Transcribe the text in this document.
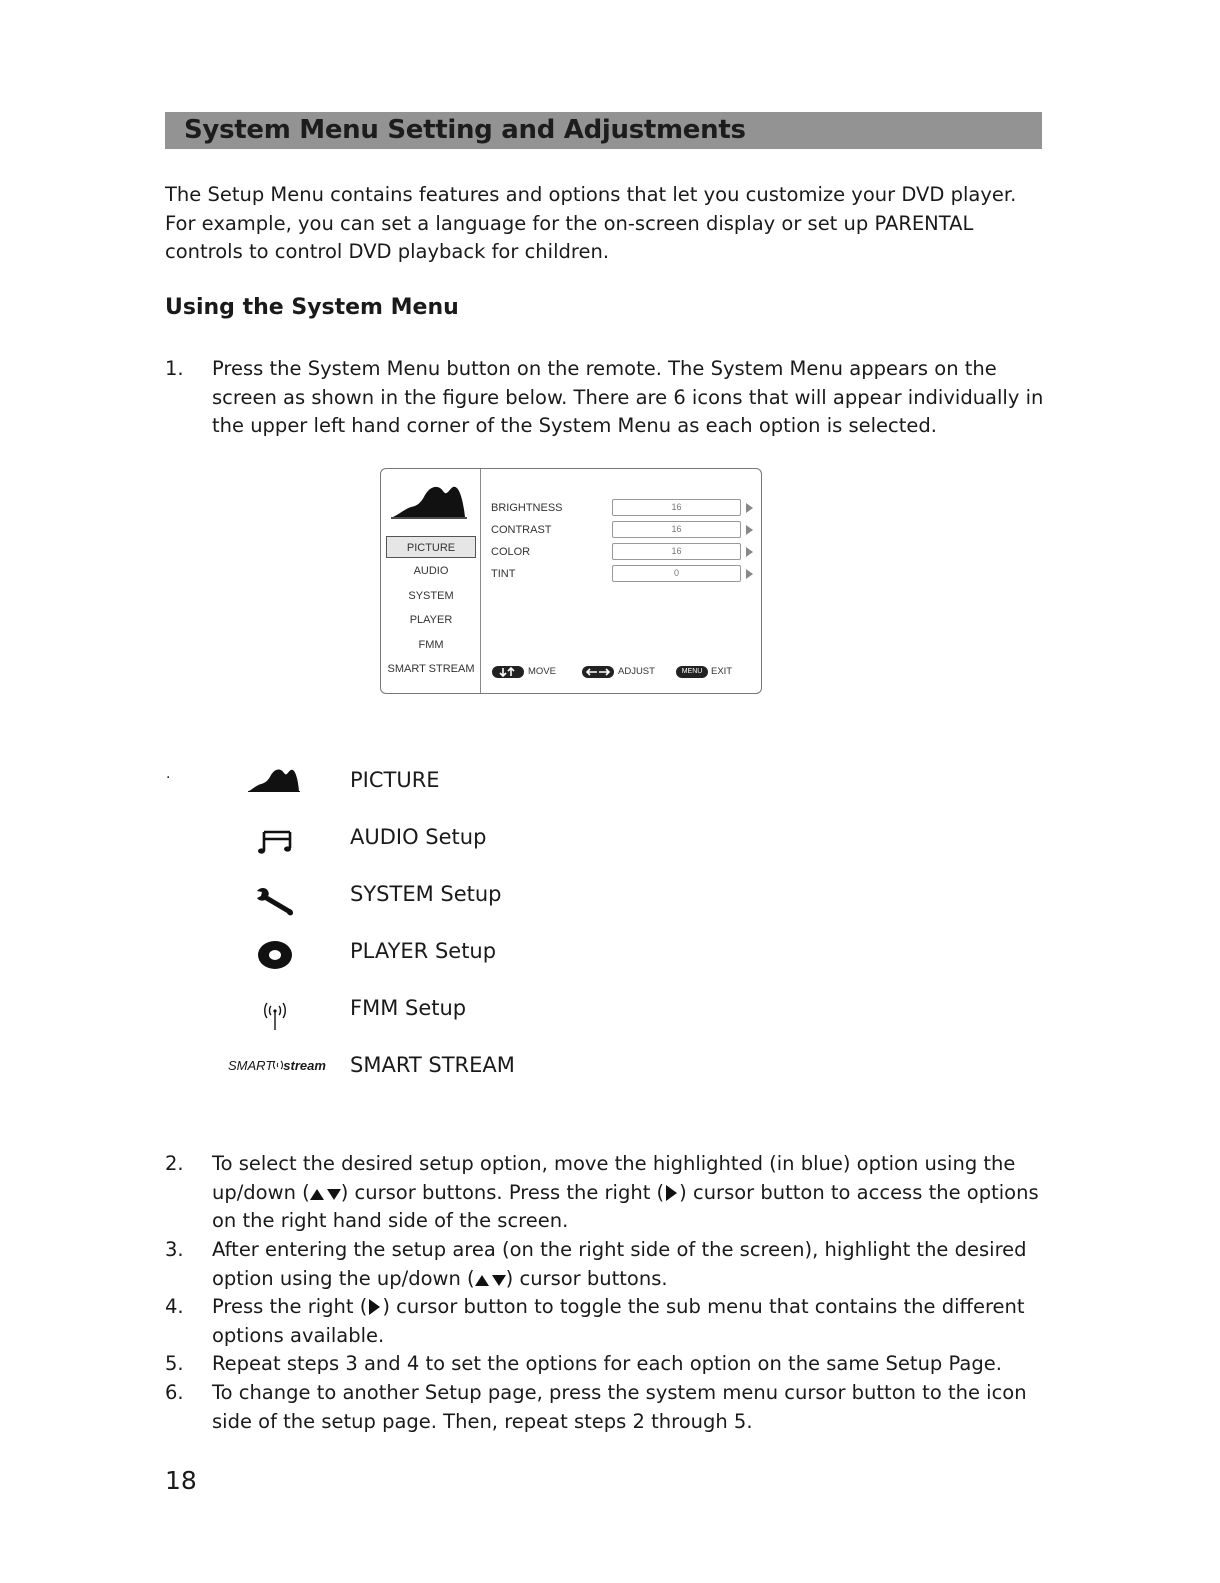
System Menu Setting and Adjustments
The Setup Menu contains features and options that let you customize your DVD player. For example, you can set a language for the on-screen display or set up PARENTAL controls to control DVD playback for children.
Using the System Menu
1.	Press the System Menu button on the remote. The System Menu appears on the screen as shown in the figure below. There are 6 icons that will appear individually in the upper left hand corner of the System Menu as each option is selected.
PICTURE
AUDIO
SYSTEM
PLAYER
FMM
SMART STREAM
BRIGHTNESS	16
CONTRAST	16
COLOR	16
TINT	0
MOVE	ADJUST	MENU EXIT
.	PICTURE
AUDIO Setup
SYSTEM Setup
PLAYER Setup
FMM Setup
SMART stream SMART STREAM
2.	To select the desired setup option, move the highlighted (in blue) option using the up/down ( ) cursor buttons. Press the right ( ) cursor button to access the options on the right hand side of the screen.
3.	After entering the setup area (on the right side of the screen), highlight the desired option using the up/down ( ) cursor buttons.
4.	Press the right ( ) cursor button to toggle the sub menu that contains the different options available.
5.	Repeat steps 3 and 4 to set the options for each option on the same Setup Page.
6.	To change to another Setup page, press the system menu cursor button to the icon side of the setup page. Then, repeat steps 2 through 5.
18
